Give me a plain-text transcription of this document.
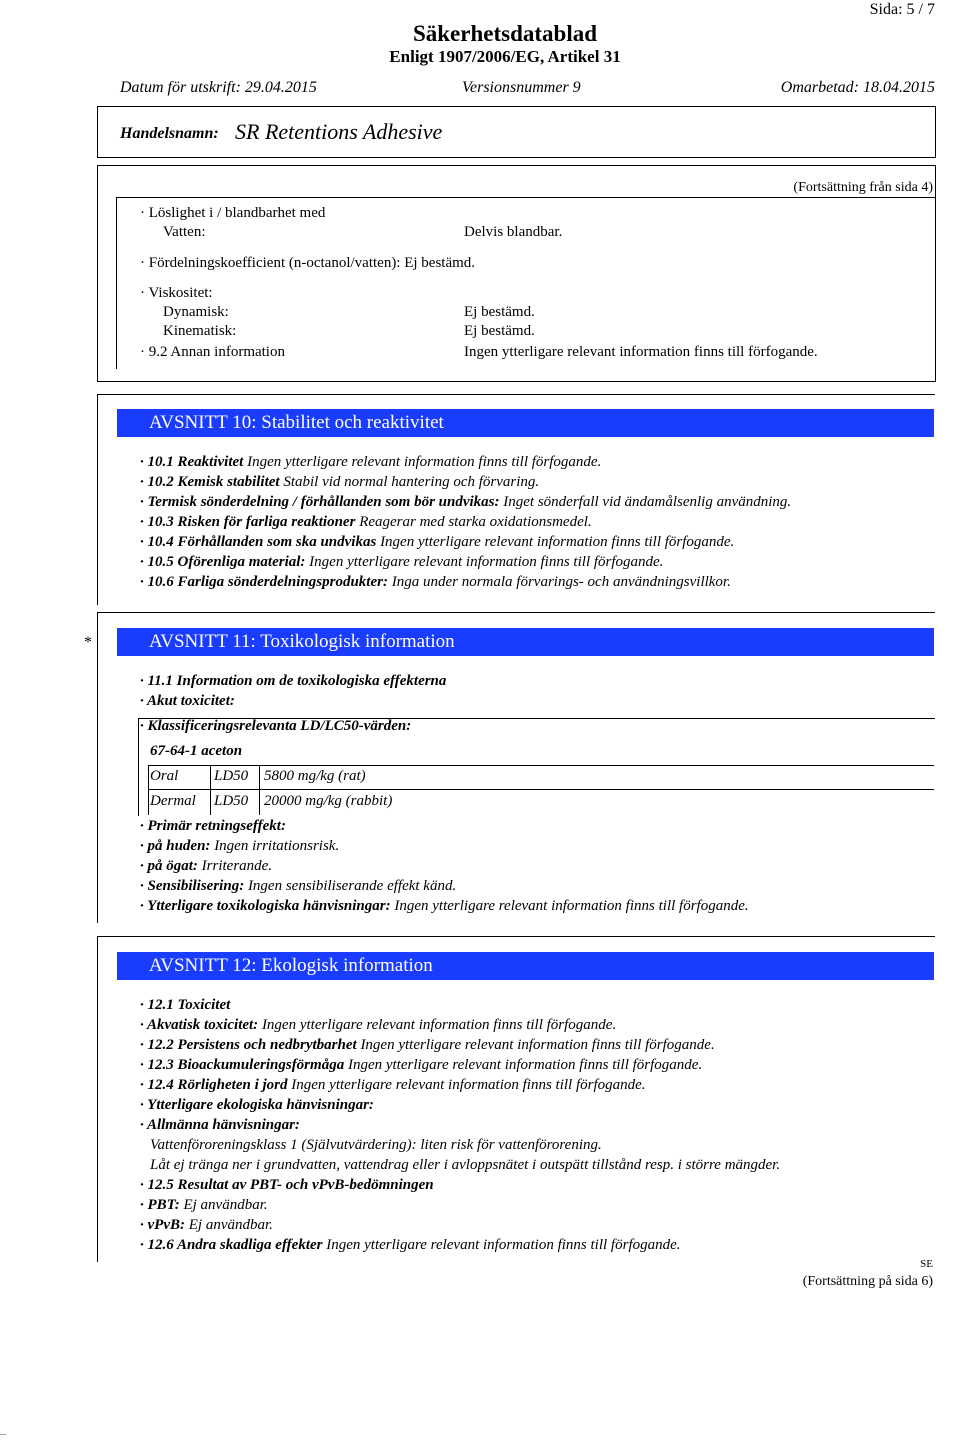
Sida: 5 / 7
Säkerhetsdatablad
Enligt 1907/2006/EG, Artikel 31
Datum för utskrift: 29.04.2015	Versionsnummer 9	Omarbetad: 18.04.2015
Handelsnamn: SR Retentions Adhesive
(Fortsättning från sida 4)
· Löslighet i / blandbarhet med
Vatten:	Delvis blandbar.
· Fördelningskoefficient (n-octanol/vatten): Ej bestämd.
· Viskositet:
Dynamisk:	Ej bestämd.
Kinematisk:	Ej bestämd.
· 9.2 Annan information	Ingen ytterligare relevant information finns till förfogande.
AVSNITT 10: Stabilitet och reaktivitet
· 10.1 Reaktivitet Ingen ytterligare relevant information finns till förfogande.
· 10.2 Kemisk stabilitet Stabil vid normal hantering och förvaring.
· Termisk sönderdelning / förhållanden som bör undvikas: Inget sönderfall vid ändamålsenlig användning.
· 10.3 Risken för farliga reaktioner Reagerar med starka oxidationsmedel.
· 10.4 Förhållanden som ska undvikas Ingen ytterligare relevant information finns till förfogande.
· 10.5 Oförenliga material: Ingen ytterligare relevant information finns till förfogande.
· 10.6 Farliga sönderdelningsprodukter: Inga under normala förvarings- och användningsvillkor.
*	AVSNITT 11: Toxikologisk information
· 11.1 Information om de toxikologiska effekterna
· Akut toxicitet:
· Klassificeringsrelevanta LD/LC50-värden:
67-64-1 aceton
Oral LD50 5800 mg/kg (rat)
Dermal LD50 20000 mg/kg (rabbit)
· Primär retningseffekt:
· på huden: Ingen irritationsrisk.
· på ögat: Irriterande.
· Sensibilisering: Ingen sensibiliserande effekt känd.
· Ytterligare toxikologiska hänvisningar: Ingen ytterligare relevant information finns till förfogande.
AVSNITT 12: Ekologisk information
· 12.1 Toxicitet
· Akvatisk toxicitet: Ingen ytterligare relevant information finns till förfogande.
· 12.2 Persistens och nedbrytbarhet Ingen ytterligare relevant information finns till förfogande.
· 12.3 Bioackumuleringsförmåga Ingen ytterligare relevant information finns till förfogande.
· 12.4 Rörligheten i jord Ingen ytterligare relevant information finns till förfogande.
· Ytterligare ekologiska hänvisningar:
· Allmänna hänvisningar:
Vattenföroreningsklass 1 (Självutvärdering): liten risk för vattenförorening.
Låt ej tränga ner i grundvatten, vattendrag eller i avloppsnätet i outspätt tillstånd resp. i större mängder.
· 12.5 Resultat av PBT- och vPvB-bedömningen
· PBT: Ej användbar.
· vPvB: Ej användbar.
· 12.6 Andra skadliga effekter Ingen ytterligare relevant information finns till förfogande.
SE
(Fortsättning på sida 6)
...
